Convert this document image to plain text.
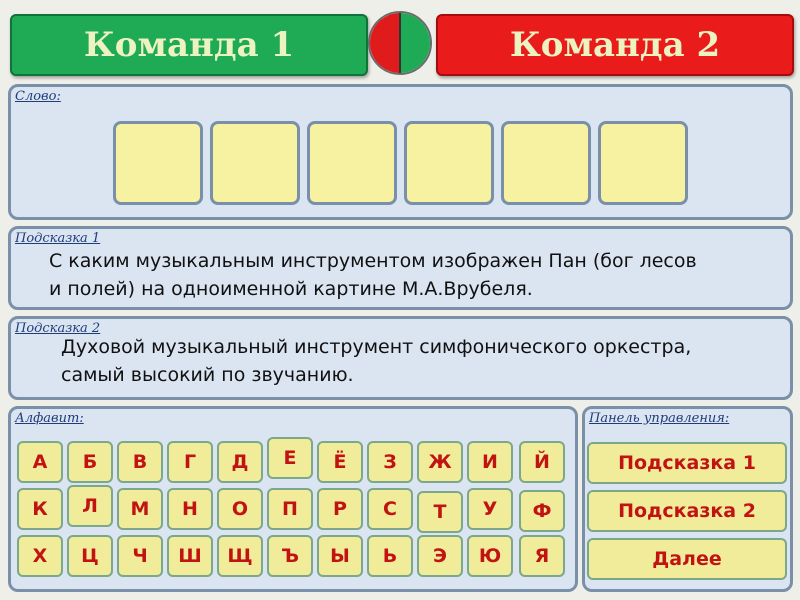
Команда 1	Команда 2
Слово:
Подсказка 1
С каким музыкальным инструментом изображен Пан (бог лесов
и полей) на одноименной картине М.А.Врубеля.
Подсказка 2
Духовой музыкальный инструмент симфонического оркестра,
самый высокий по звучанию.
Алфавит:
А	Б	В	Г	Д	Е	Ё	З	Ж	И	Й
К	Л	М	Н	О	П	Р	С	Т	У	Ф
Х	Ц	Ч	Ш	Щ	Ъ	Ы	Ь	Э	Ю	Я
Панель управления:
Подсказка 1
Подсказка 2
Далее
